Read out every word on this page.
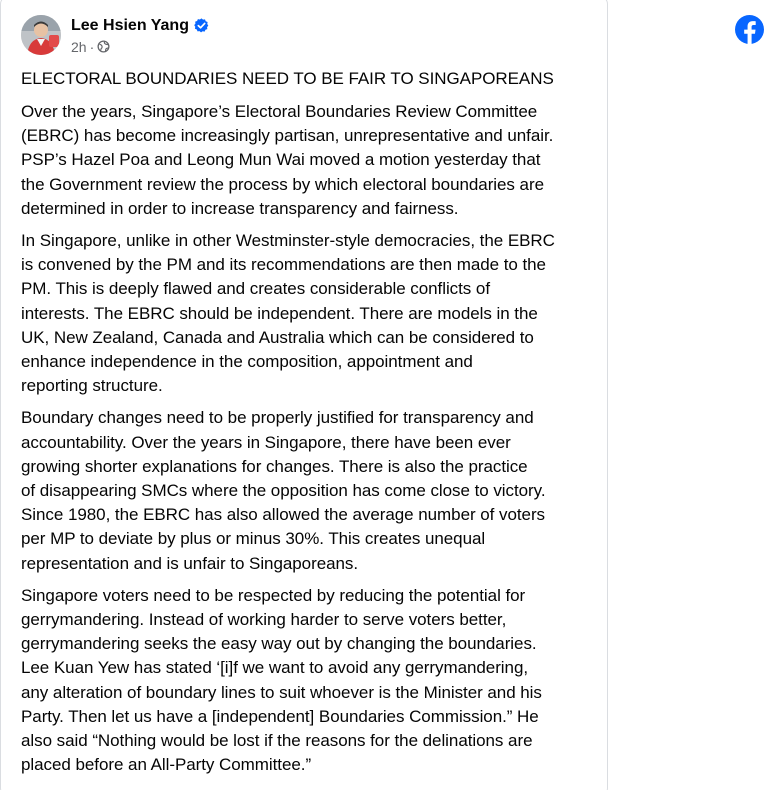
Lee Hsien Yang
2h ·
ELECTORAL BOUNDARIES NEED TO BE FAIR TO SINGAPOREANS
Over the years, Singapore’s Electoral Boundaries Review Committee
(EBRC) has become increasingly partisan, unrepresentative and unfair.
PSP’s Hazel Poa and Leong Mun Wai moved a motion yesterday that
the Government review the process by which electoral boundaries are
determined in order to increase transparency and fairness.
In Singapore, unlike in other Westminster-style democracies, the EBRC
is convened by the PM and its recommendations are then made to the
PM. This is deeply flawed and creates considerable conflicts of
interests. The EBRC should be independent. There are models in the
UK, New Zealand, Canada and Australia which can be considered to
enhance independence in the composition, appointment and
reporting structure.
Boundary changes need to be properly justified for transparency and
accountability. Over the years in Singapore, there have been ever
growing shorter explanations for changes. There is also the practice
of disappearing SMCs where the opposition has come close to victory.
Since 1980, the EBRC has also allowed the average number of voters
per MP to deviate by plus or minus 30%. This creates unequal
representation and is unfair to Singaporeans.
Singapore voters need to be respected by reducing the potential for
gerrymandering. Instead of working harder to serve voters better,
gerrymandering seeks the easy way out by changing the boundaries.
Lee Kuan Yew has stated ‘[i]f we want to avoid any gerrymandering,
any alteration of boundary lines to suit whoever is the Minister and his
Party. Then let us have a [independent] Boundaries Commission.” He
also said “Nothing would be lost if the reasons for the delinations are
placed before an All-Party Committee.”
